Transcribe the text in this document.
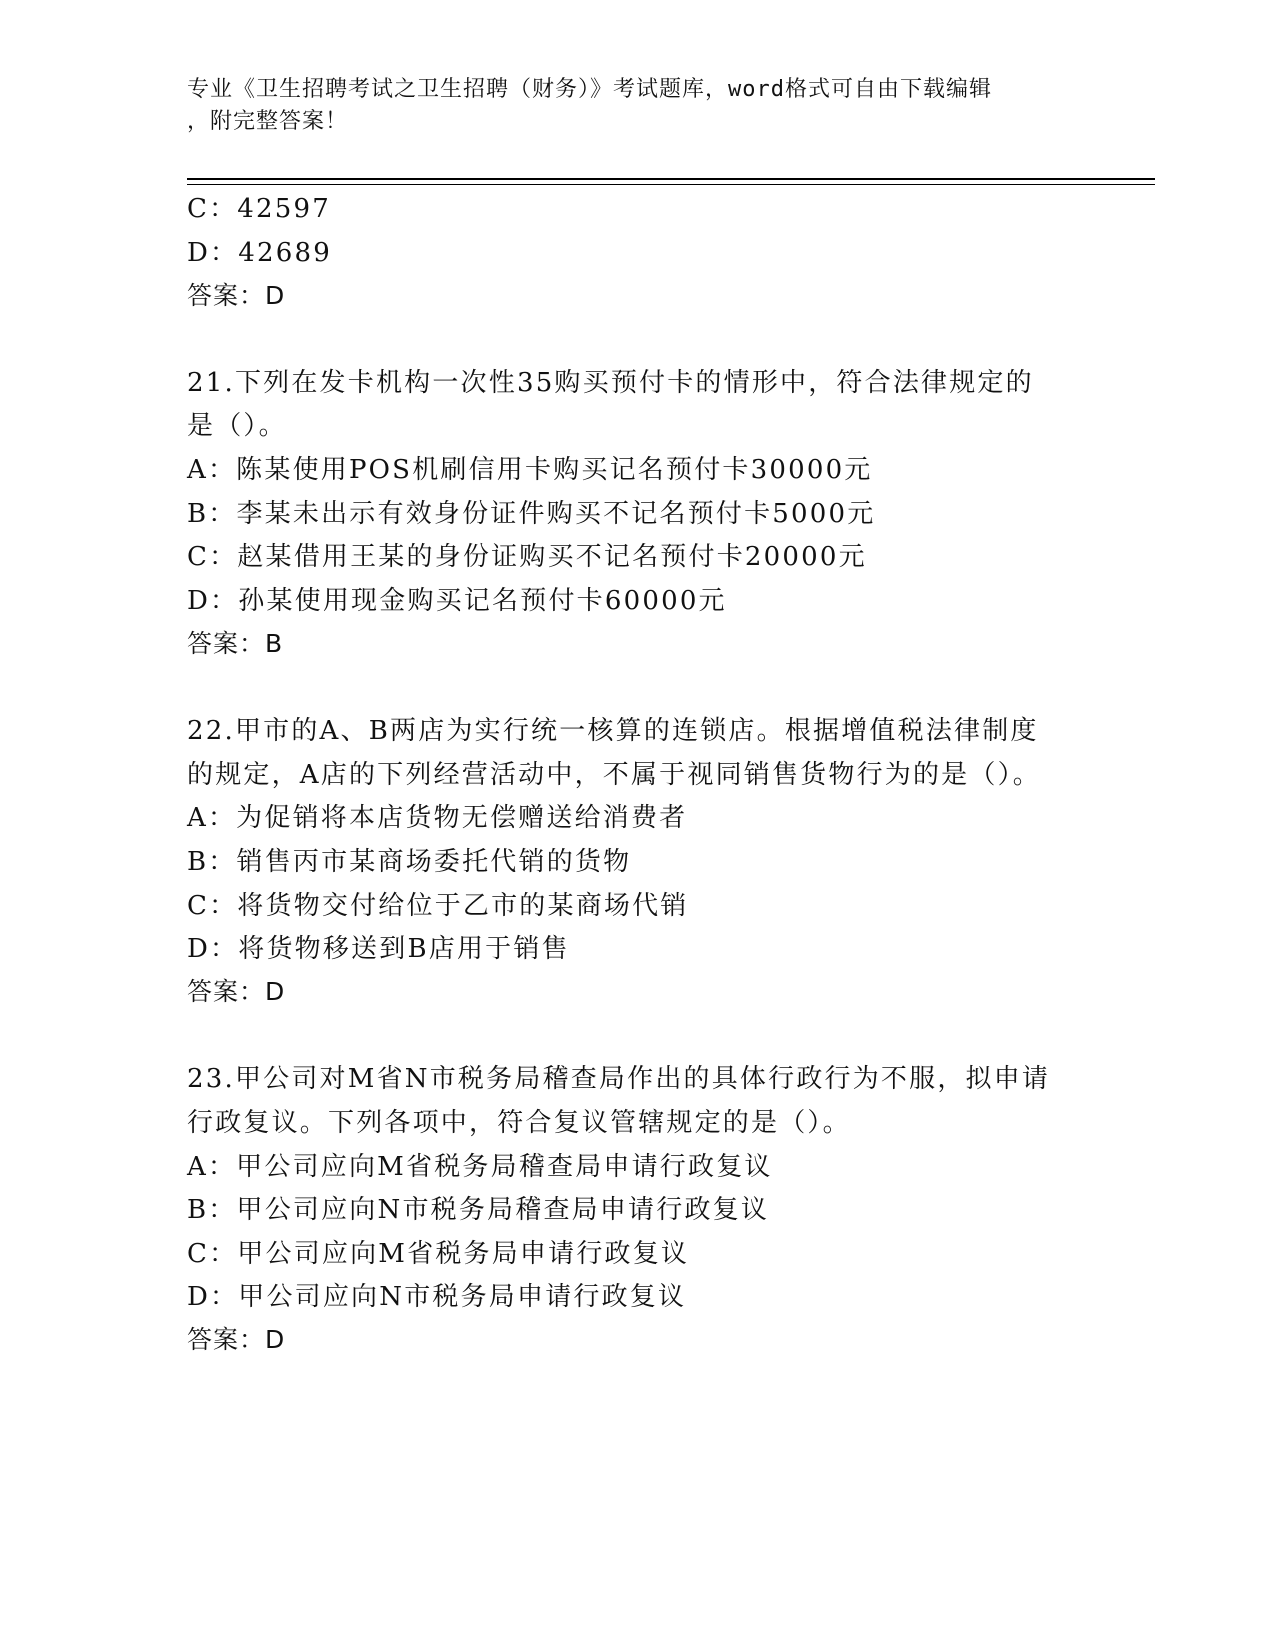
专业《卫生招聘考试之卫生招聘（财务）》考试题库，word格式可自由下载编辑
，附完整答案！
C：42597
D：42689
答案：D
21.下列在发卡机构一次性35购买预付卡的情形中，符合法律规定的
是（）。
A：陈某使用POS机刷信用卡购买记名预付卡30000元
B：李某未出示有效身份证件购买不记名预付卡5000元
C：赵某借用王某的身份证购买不记名预付卡20000元
D：孙某使用现金购买记名预付卡60000元
答案：B
22.甲市的A、B两店为实行统一核算的连锁店。根据增值税法律制度
的规定，A店的下列经营活动中，不属于视同销售货物行为的是（）。
A：为促销将本店货物无偿赠送给消费者
B：销售丙市某商场委托代销的货物
C：将货物交付给位于乙市的某商场代销
D：将货物移送到B店用于销售
答案：D
23.甲公司对M省N市税务局稽查局作出的具体行政行为不服，拟申请
行政复议。下列各项中，符合复议管辖规定的是（）。
A：甲公司应向M省税务局稽查局申请行政复议
B：甲公司应向N市税务局稽查局申请行政复议
C：甲公司应向M省税务局申请行政复议
D：甲公司应向N市税务局申请行政复议
答案：D
